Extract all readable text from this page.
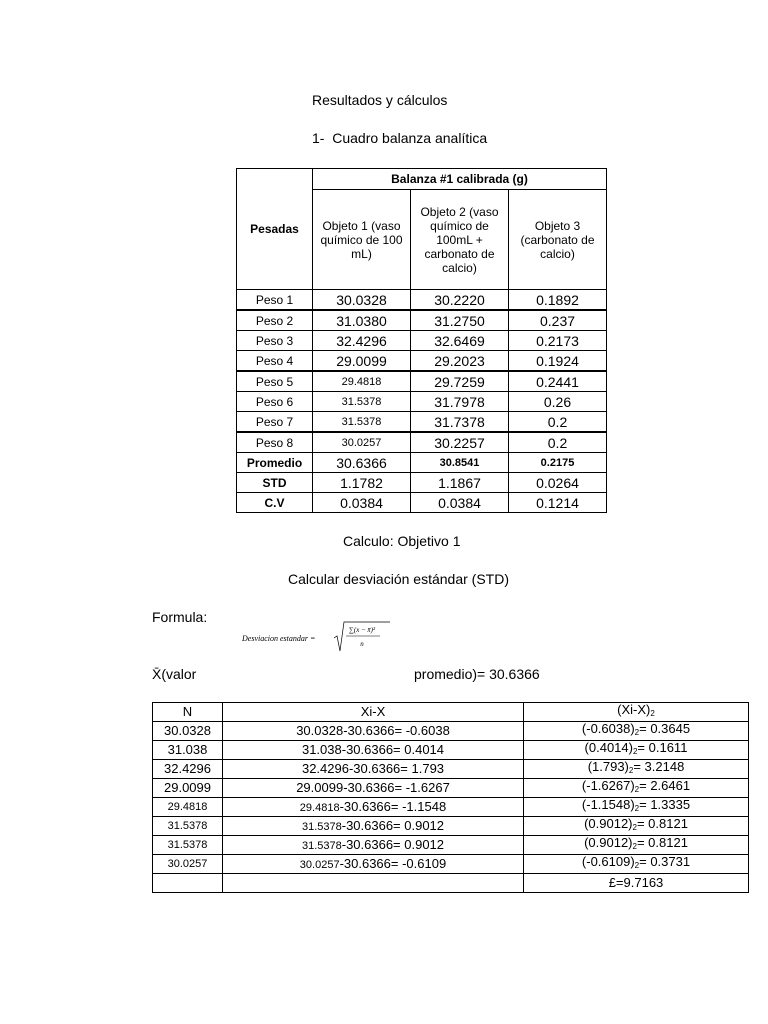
Resultados y cálculos
1- Cuadro balanza analítica
Pesadas	Balanza #1 calibrada (g)		
	Objeto 1 (vaso químico de 100 mL)	Objeto 2 (vaso químico de 100mL + carbonato de calcio)	Objeto 3 (carbonato de calcio)
Peso 1	30.0328	30.2220	0.1892
Peso 2	31.0380	31.2750	0.237
Peso 3	32.4296	32.6469	0.2173
Peso 4	29.0099	29.2023	0.1924
Peso 5	29.4818	29.7259	0.2441
Peso 6	31.5378	31.7978	0.26
Peso 7	31.5378	31.7378	0.2
Peso 8	30.0257	30.2257	0.2
Promedio	30.6366	30.8541	0.2175
STD	1.1782	1.1867	0.0264
C.V	0.0384	0.0384	0.1214
Calculo: Objetivo 1
Calcular desviación estándar (STD)
Formula:
Desviacion estandar =
∑(x − x̄)²
n
X̄(valor	promedio)= 30.6366
N	Xi-X	$(Xi-X)_2$
30.0328	30.0328-30.6366= -0.6038	$(-0.6038)_2= 0.3645$
31.038	31.038-30.6366= 0.4014	$(0.4014)_2= 0.1611$
32.4296	32.4296-30.6366= 1.793	$(1.793)_2= 3.2148$
29.0099	29.0099-30.6366= -1.6267	$(-1.6267)_2= 2.6461$
29.4818	29.4818-30.6366= -1.1548	$(-1.1548)_2= 1.3335$
31.5378	31.5378-30.6366= 0.9012	$(0.9012)_2= 0.8121$
31.5378	31.5378-30.6366= 0.9012	$(0.9012)_2= 0.8121$
30.0257	30.0257-30.6366= -0.6109	$(-0.6109)_2= 0.3731$
		£=9.7163
